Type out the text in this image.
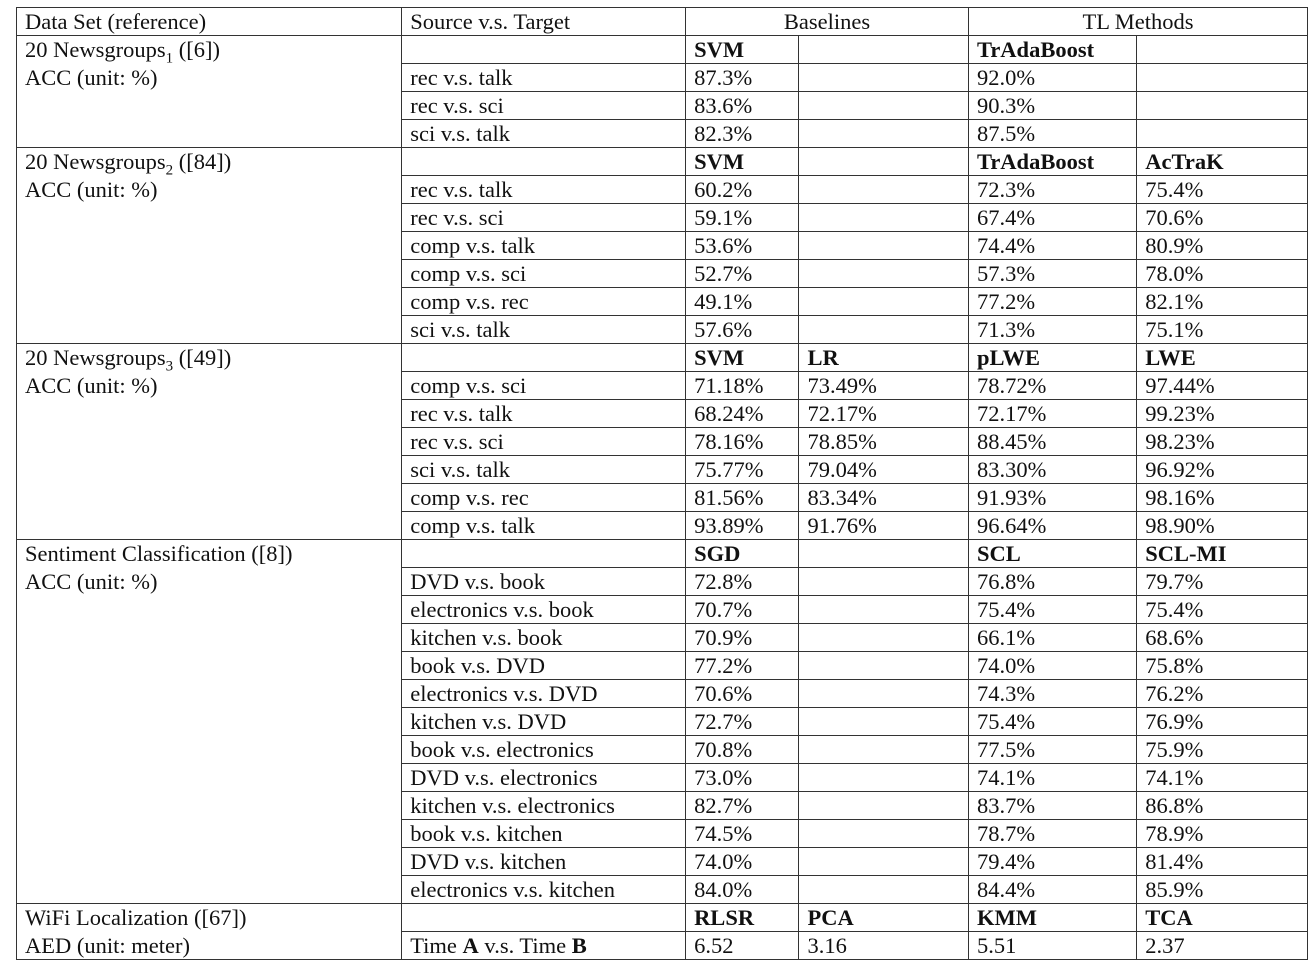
Data Set (reference)	Source v.s. Target	Baselines		TL Methods	
20 Newsgroups$_1$ ([6])		SVM		TrAdaBoost	
ACC (unit: %)	rec v.s. talk	87.3%		92.0%	
	rec v.s. sci	83.6%		90.3%	
	sci v.s. talk	82.3%		87.5%	
20 Newsgroups$_2$ ([84])		SVM		TrAdaBoost	AcTraK
ACC (unit: %)	rec v.s. talk	60.2%		72.3%	75.4%
	rec v.s. sci	59.1%		67.4%	70.6%
	comp v.s. talk	53.6%		74.4%	80.9%
	comp v.s. sci	52.7%		57.3%	78.0%
	comp v.s. rec	49.1%		77.2%	82.1%
	sci v.s. talk	57.6%		71.3%	75.1%
20 Newsgroups$_3$ ([49])		SVM	LR	pLWE	LWE
ACC (unit: %)	comp v.s. sci	71.18%	73.49%	78.72%	97.44%
	rec v.s. talk	68.24%	72.17%	72.17%	99.23%
	rec v.s. sci	78.16%	78.85%	88.45%	98.23%
	sci v.s. talk	75.77%	79.04%	83.30%	96.92%
	comp v.s. rec	81.56%	83.34%	91.93%	98.16%
	comp v.s. talk	93.89%	91.76%	96.64%	98.90%
Sentiment Classification ([8])		SGD		SCL	SCL-MI
ACC (unit: %)	DVD v.s. book	72.8%		76.8%	79.7%
	electronics v.s. book	70.7%		75.4%	75.4%
	kitchen v.s. book	70.9%		66.1%	68.6%
	book v.s. DVD	77.2%		74.0%	75.8%
	electronics v.s. DVD	70.6%		74.3%	76.2%
	kitchen v.s. DVD	72.7%		75.4%	76.9%
	book v.s. electronics	70.8%		77.5%	75.9%
	DVD v.s. electronics	73.0%		74.1%	74.1%
	kitchen v.s. electronics	82.7%		83.7%	86.8%
	book v.s. kitchen	74.5%		78.7%	78.9%
	DVD v.s. kitchen	74.0%		79.4%	81.4%
	electronics v.s. kitchen	84.0%		84.4%	85.9%
WiFi Localization ([67])		RLSR	PCA	KMM	TCA
AED (unit: meter)	Time A v.s. Time B	6.52	3.16	5.51	2.37
